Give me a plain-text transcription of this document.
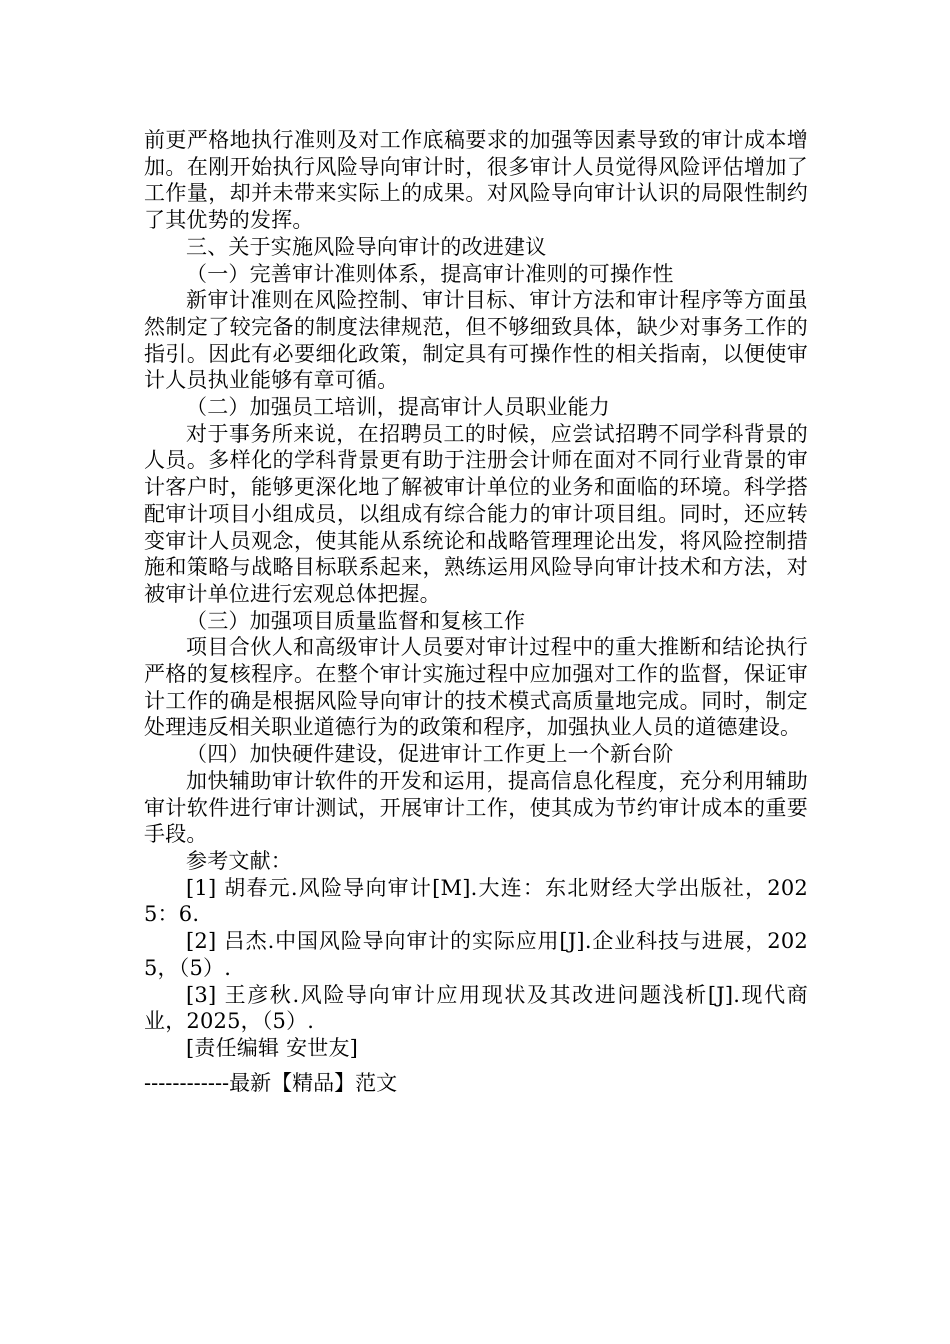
前更严格地执行准则及对工作底稿要求的加强等因素导致的审计成本增加。在刚开始执行风险导向审计时，很多审计人员觉得风险评估增加了工作量，却并未带来实际上的成果。对风险导向审计认识的局限性制约了其优势的发挥。

三、关于实施风险导向审计的改进建议

（一）完善审计准则体系，提高审计准则的可操作性

新审计准则在风险控制、审计目标、审计方法和审计程序等方面虽然制定了较完备的制度法律规范，但不够细致具体，缺少对事务工作的指引。因此有必要细化政策，制定具有可操作性的相关指南，以便使审计人员执业能够有章可循。

（二）加强员工培训，提高审计人员职业能力

对于事务所来说，在招聘员工的时候，应尝试招聘不同学科背景的人员。多样化的学科背景更有助于注册会计师在面对不同行业背景的审计客户时，能够更深化地了解被审计单位的业务和面临的环境。科学搭配审计项目小组成员，以组成有综合能力的审计项目组。同时，还应转变审计人员观念，使其能从系统论和战略管理理论出发，将风险控制措施和策略与战略目标联系起来，熟练运用风险导向审计技术和方法，对被审计单位进行宏观总体把握。

（三）加强项目质量监督和复核工作

项目合伙人和高级审计人员要对审计过程中的重大推断和结论执行严格的复核程序。在整个审计实施过程中应加强对工作的监督，保证审计工作的确是根据风险导向审计的技术模式高质量地完成。同时，制定处理违反相关职业道德行为的政策和程序，加强执业人员的道德建设。

（四）加快硬件建设，促进审计工作更上一个新台阶

加快辅助审计软件的开发和运用，提高信息化程度，充分利用辅助审计软件进行审计测试，开展审计工作，使其成为节约审计成本的重要手段。

参考文献：

[1] 胡春元.风险导向审计[M].大连：东北财经大学出版社，2025：6.

[2] 吕杰.中国风险导向审计的实际应用[J].企业科技与进展，2025，（5）.

[3] 王彦秋.风险导向审计应用现状及其改进问题浅析[J].现代商业，2025，（5）.

[责任编辑 安世友]

------------最新【精品】范文
